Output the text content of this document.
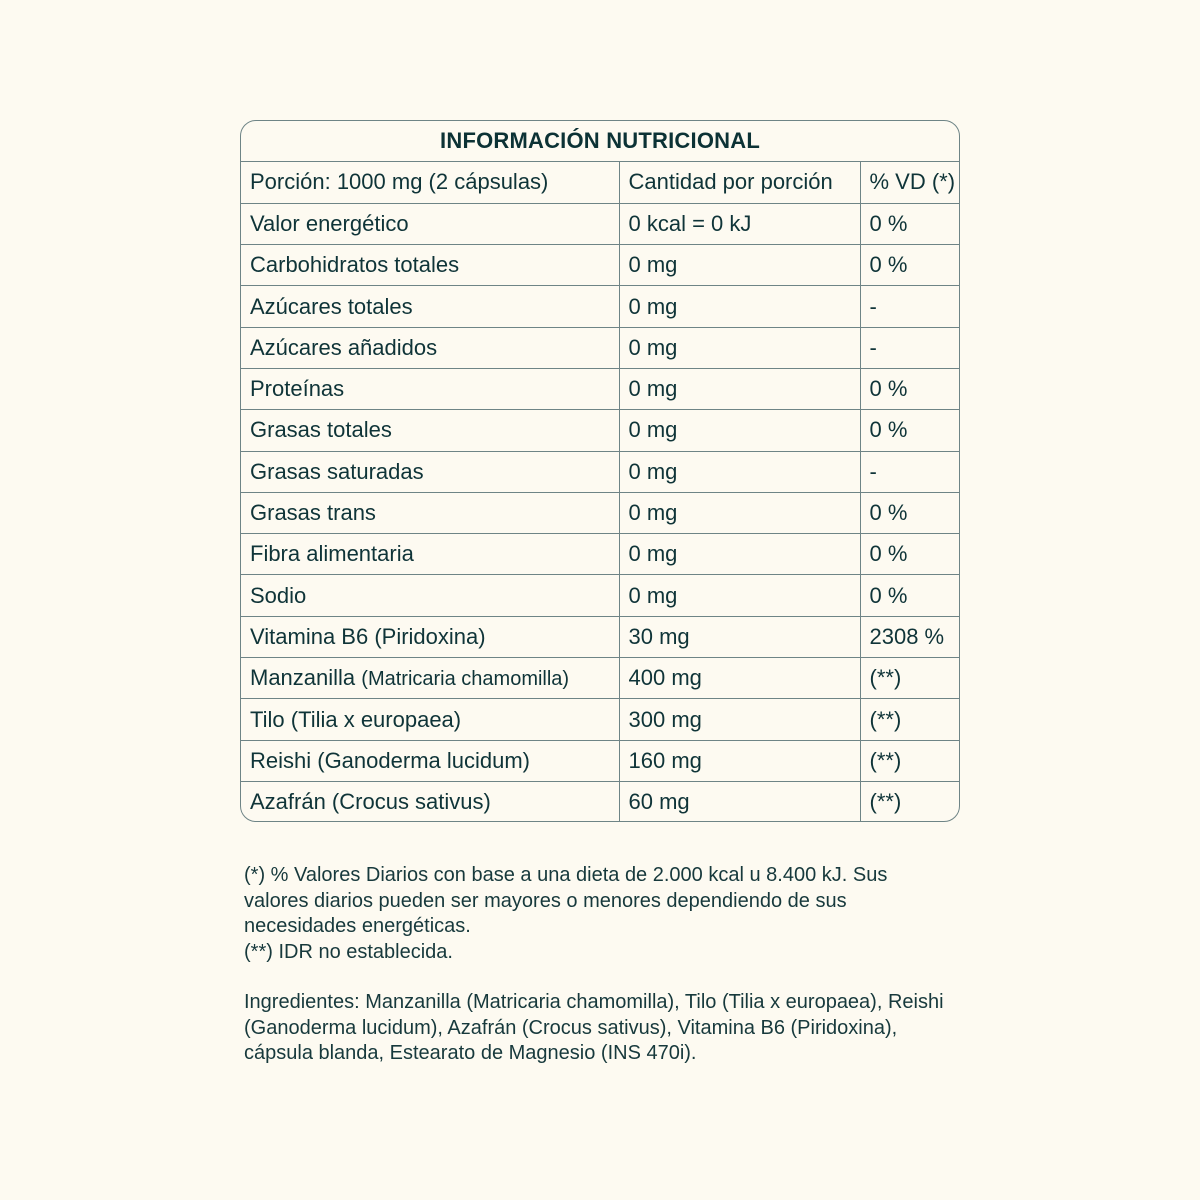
INFORMACIÓN NUTRICIONAL
Porción: 1000 mg (2 cápsulas)	Cantidad por porción	% VD (*)
Valor energético	0 kcal = 0 kJ	0 %
Carbohidratos totales	0 mg	0 %
Azúcares totales	0 mg	-
Azúcares añadidos	0 mg	-
Proteínas	0 mg	0 %
Grasas totales	0 mg	0 %
Grasas saturadas	0 mg	-
Grasas trans	0 mg	0 %
Fibra alimentaria	0 mg	0 %
Sodio	0 mg	0 %
Vitamina B6 (Piridoxina)	30 mg	2308 %
Manzanilla (Matricaria chamomilla)	400 mg	(**)
Tilo (Tilia x europaea)	300 mg	(**)
Reishi (Ganoderma lucidum)	160 mg	(**)
Azafrán (Crocus sativus)	60 mg	(**)

(*) % Valores Diarios con base a una dieta de 2.000 kcal u 8.400 kJ. Sus valores diarios pueden ser mayores o menores dependiendo de sus necesidades energéticas.

(**) IDR no establecida.

Ingredientes: Manzanilla (Matricaria chamomilla), Tilo (Tilia x europaea), Reishi (Ganoderma lucidum), Azafrán (Crocus sativus), Vitamina B6 (Piridoxina), cápsula blanda, Estearato de Magnesio (INS 470i).
